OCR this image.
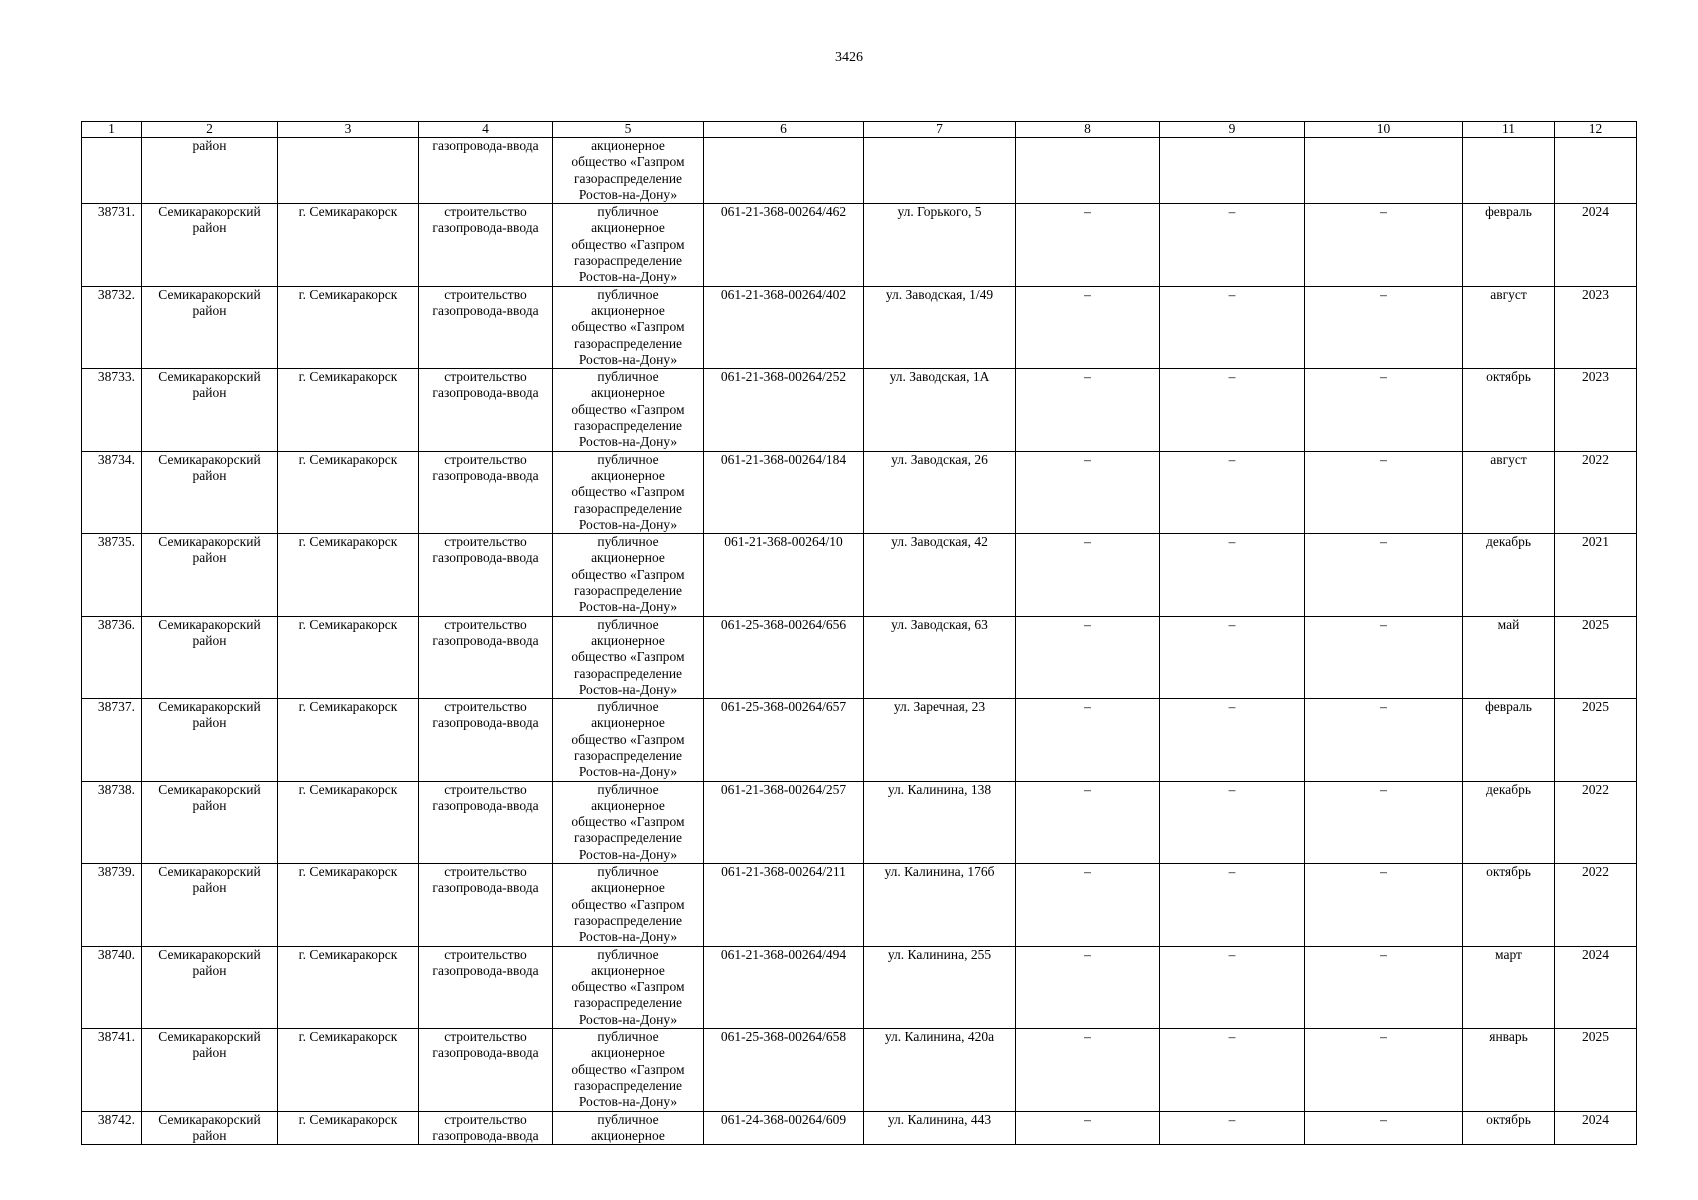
3426
1	2	3	4	5	6	7	8	9	10	11	12
	район		газопровода-ввода	акционерное
общество «Газпром
газораспределение
Ростов-на-Дону»							

38731.	Семикаракорский
район	г. Семикаракорск	строительство
газопровода-ввода	публичное
акционерное
общество «Газпром
газораспределение
Ростов-на-Дону»	061-21-368-00264/462	ул. Горького, 5	–	–	–	февраль	2024
38732.	Семикаракорский
район	г. Семикаракорск	строительство
газопровода-ввода	публичное
акционерное
общество «Газпром
газораспределение
Ростов-на-Дону»	061-21-368-00264/402	ул. Заводская, 1/49	–	–	–	август	2023
38733.	Семикаракорский
район	г. Семикаракорск	строительство
газопровода-ввода	публичное
акционерное
общество «Газпром
газораспределение
Ростов-на-Дону»	061-21-368-00264/252	ул. Заводская, 1А	–	–	–	октябрь	2023
38734.	Семикаракорский
район	г. Семикаракорск	строительство
газопровода-ввода	публичное
акционерное
общество «Газпром
газораспределение
Ростов-на-Дону»	061-21-368-00264/184	ул. Заводская, 26	–	–	–	август	2022
38735.	Семикаракорский
район	г. Семикаракорск	строительство
газопровода-ввода	публичное
акционерное
общество «Газпром
газораспределение
Ростов-на-Дону»	061-21-368-00264/10	ул. Заводская, 42	–	–	–	декабрь	2021
38736.	Семикаракорский
район	г. Семикаракорск	строительство
газопровода-ввода	публичное
акционерное
общество «Газпром
газораспределение
Ростов-на-Дону»	061-25-368-00264/656	ул. Заводская, 63	–	–	–	май	2025
38737.	Семикаракорский
район	г. Семикаракорск	строительство
газопровода-ввода	публичное
акционерное
общество «Газпром
газораспределение
Ростов-на-Дону»	061-25-368-00264/657	ул. Заречная, 23	–	–	–	февраль	2025
38738.	Семикаракорский
район	г. Семикаракорск	строительство
газопровода-ввода	публичное
акционерное
общество «Газпром
газораспределение
Ростов-на-Дону»	061-21-368-00264/257	ул. Калинина, 138	–	–	–	декабрь	2022
38739.	Семикаракорский
район	г. Семикаракорск	строительство
газопровода-ввода	публичное
акционерное
общество «Газпром
газораспределение
Ростов-на-Дону»	061-21-368-00264/211	ул. Калинина, 176б	–	–	–	октябрь	2022
38740.	Семикаракорский
район	г. Семикаракорск	строительство
газопровода-ввода	публичное
акционерное
общество «Газпром
газораспределение
Ростов-на-Дону»	061-21-368-00264/494	ул. Калинина, 255	–	–	–	март	2024
38741.	Семикаракорский
район	г. Семикаракорск	строительство
газопровода-ввода	публичное
акционерное
общество «Газпром
газораспределение
Ростов-на-Дону»	061-25-368-00264/658	ул. Калинина, 420а	–	–	–	январь	2025
38742.	Семикаракорский
район	г. Семикаракорск	строительство
газопровода-ввода	публичное
акционерное	061-24-368-00264/609	ул. Калинина, 443	–	–	–	октябрь	2024
